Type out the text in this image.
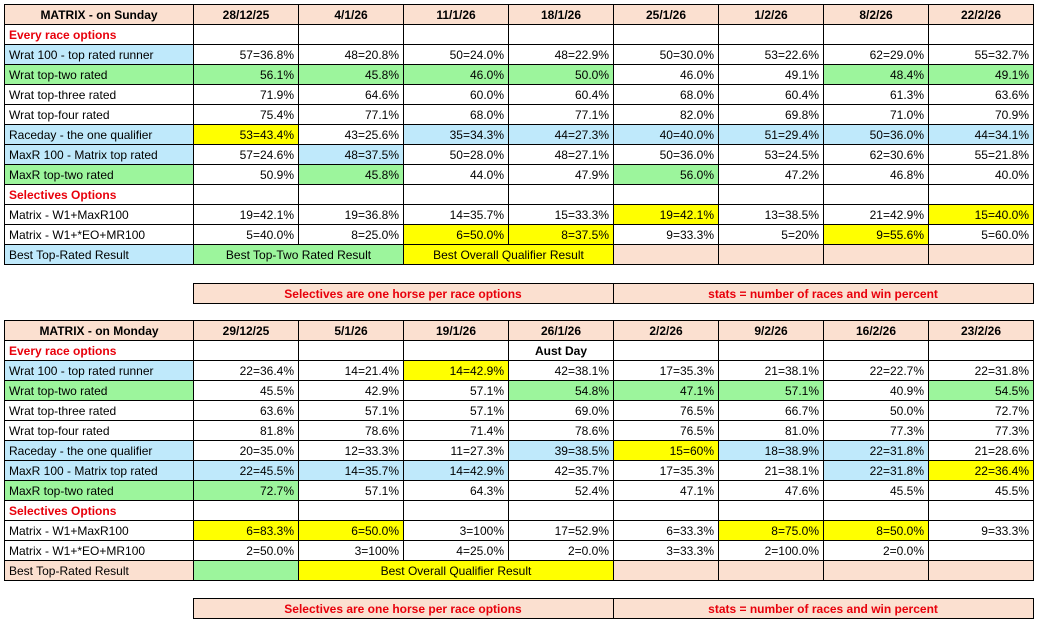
MATRIX - on Sunday	28/12/25	4/1/26	11/1/26	18/1/26	25/1/26	1/2/26	8/2/26	22/2/26
Every race options								
Wrat 100 - top rated runner	57=36.8%	48=20.8%	50=24.0%	48=22.9%	50=30.0%	53=22.6%	62=29.0%	55=32.7%
Wrat top-two rated	56.1%	45.8%	46.0%	50.0%	46.0%	49.1%	48.4%	49.1%
Wrat top-three rated	71.9%	64.6%	60.0%	60.4%	68.0%	60.4%	61.3%	63.6%
Wrat top-four rated	75.4%	77.1%	68.0%	77.1%	82.0%	69.8%	71.0%	70.9%
Raceday - the one qualifier	53=43.4%	43=25.6%	35=34.3%	44=27.3%	40=40.0%	51=29.4%	50=36.0%	44=34.1%
MaxR 100 - Matrix top rated	57=24.6%	48=37.5%	50=28.0%	48=27.1%	50=36.0%	53=24.5%	62=30.6%	55=21.8%
MaxR top-two rated	50.9%	45.8%	44.0%	47.9%	56.0%	47.2%	46.8%	40.0%
Selectives Options								
Matrix - W1+MaxR100	19=42.1%	19=36.8%	14=35.7%	15=33.3%	19=42.1%	13=38.5%	21=42.9%	15=40.0%
Matrix - W1+*EO+MR100	5=40.0%	8=25.0%	6=50.0%	8=37.5%	9=33.3%	5=20%	9=55.6%	5=60.0%
Best Top-Rated Result	Best Top-Two Rated Result		Best Overall Qualifier Result					
	Selectives are one horse per race options	stats = number of races and win percent
MATRIX - on Monday	29/12/25	5/1/26	19/1/26	26/1/26	2/2/26	9/2/26	16/2/26	23/2/26
Every race options				Aust Day				
Wrat 100 - top rated runner	22=36.4%	14=21.4%	14=42.9%	42=38.1%	17=35.3%	21=38.1%	22=22.7%	22=31.8%
Wrat top-two rated	45.5%	42.9%	57.1%	54.8%	47.1%	57.1%	40.9%	54.5%
Wrat top-three rated	63.6%	57.1%	57.1%	69.0%	76.5%	66.7%	50.0%	72.7%
Wrat top-four rated	81.8%	78.6%	71.4%	78.6%	76.5%	81.0%	77.3%	77.3%
Raceday - the one qualifier	20=35.0%	12=33.3%	11=27.3%	39=38.5%	15=60%	18=38.9%	22=31.8%	21=28.6%
MaxR 100 - Matrix top rated	22=45.5%	14=35.7%	14=42.9%	42=35.7%	17=35.3%	21=38.1%	22=31.8%	22=36.4%
MaxR top-two rated	72.7%	57.1%	64.3%	52.4%	47.1%	47.6%	45.5%	45.5%
Selectives Options								
Matrix - W1+MaxR100	6=83.3%	6=50.0%	3=100%	17=52.9%	6=33.3%	8=75.0%	8=50.0%	9=33.3%
Matrix - W1+*EO+MR100	2=50.0%	3=100%	4=25.0%	2=0.0%	3=33.3%	2=100.0%	2=0.0%	
Best Top-Rated Result		Best Overall Qualifier Result						
	Selectives are one horse per race options	stats = number of races and win percent
